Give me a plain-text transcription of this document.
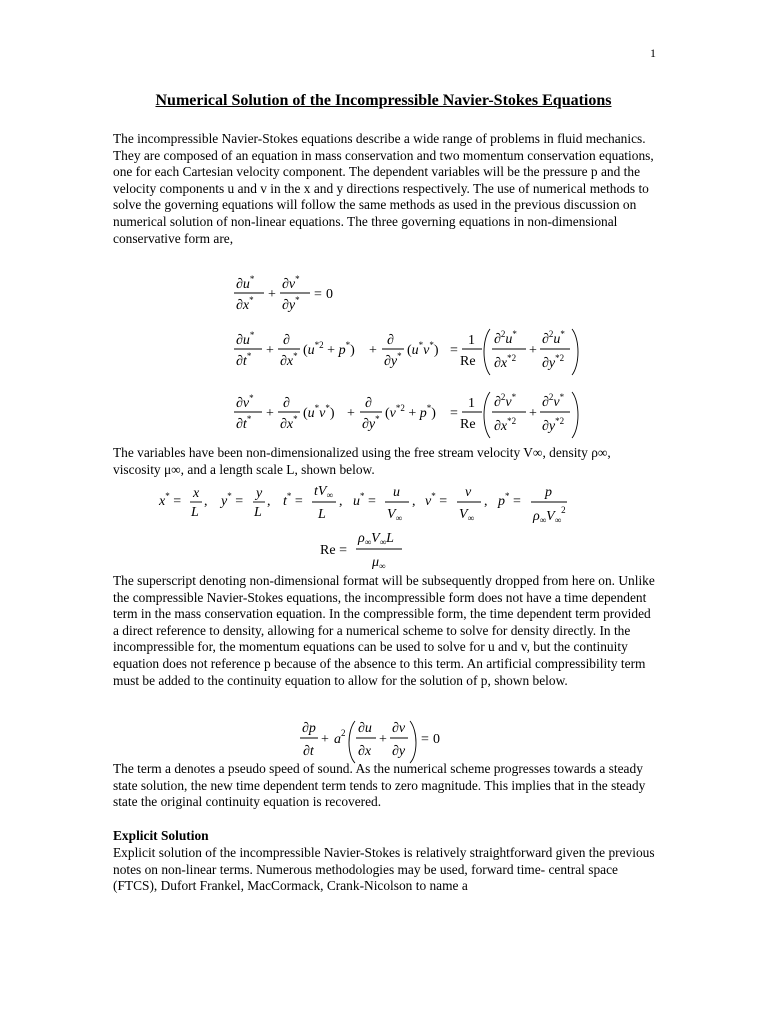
1
Numerical Solution of the Incompressible Navier-Stokes Equations

The incompressible Navier-Stokes equations describe a wide range of problems in fluid mechanics. They are composed of an equation in mass conservation and two momentum conservation equations, one for each Cartesian velocity component. The dependent variables will be the pressure p and the velocity components u and v in the x and y directions respectively. The use of numerical methods to solve the governing equations will follow the same methods as used in the previous discussion on numerical solution of non-linear equations. The three governing equations in non-dimensional conservative form are,

∂u*
∂x* +
∂v*
∂y* = 0
∂u*
∂t* +
∂
∂x* (u*2 + p*) +
∂
∂y* (u*v*) =
1
Re
∂$^2$u*
∂x*2 +
∂$^2$u*
∂y*2
∂v*
∂t* +
∂
∂x* (u*v*) +
∂
∂y* (v*2 + p*) =
1
Re
∂$^2$v*
∂x*2 +
∂$^2$v*
∂y*2

The variables have been non-dimensionalized using the free stream velocity V∞, density ρ∞, viscosity μ∞, and a length scale L, shown below.

x* =
x
L
, y* =
y
L
, t* =
$tV_\infty$
L
, u* =
u
$V_\infty$
, v* =
v
$V_\infty$
, p* =
p
$\rho_\infty V_\infty^2$
Re =
$\rho_\infty V_\infty L$
$\mu_\infty$

The superscript denoting non-dimensional format will be subsequently dropped from here on. Unlike the compressible Navier-Stokes equations, the incompressible form does not have a time dependent term in the mass conservation equation. In the compressible form, the time dependent term provided a direct reference to density, allowing for a numerical scheme to solve for density directly. In the incompressible for, the momentum equations can be used to solve for u and v, but the continuity equation does not reference p because of the absence to this term. An artificial compressibility term must be added to the continuity equation to allow for the solution of p, shown below.

∂p
∂t
+ $a^2$ ∂u
∂x
+
∂v
∂y
= 0

The term a denotes a pseudo speed of sound. As the numerical scheme progresses towards a steady state solution, the new time dependent term tends to zero magnitude. This implies that in the steady state the original continuity equation is recovered.

Explicit Solution

Explicit solution of the incompressible Navier-Stokes is relatively straightforward given the previous notes on non-linear terms. Numerous methodologies may be used, forward time- central space (FTCS), Dufort Frankel, MacCormack, Crank-Nicolson to name a
